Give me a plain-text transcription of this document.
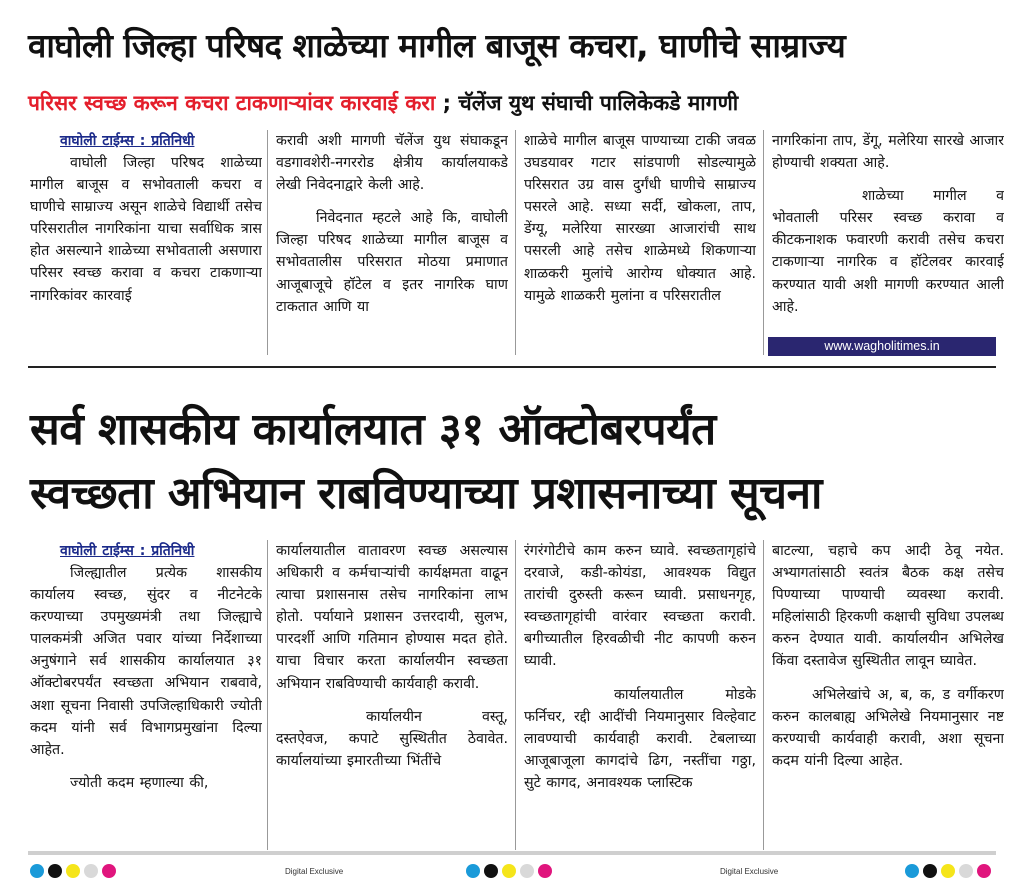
वाघोली जिल्हा परिषद शाळेच्या मागील बाजूस कचरा, घाणीचे साम्राज्य
परिसर स्वच्छ करून कचरा टाकणाऱ्यांवर कारवाई करा ; चॅलेंज युथ संघाची पालिकेकडे मागणी
वाघोली टाईम्स : प्रतिनिधी

वाघोली जिल्हा परिषद शाळेच्या मागील बाजूस व सभोवताली कचरा व घाणीचे साम्राज्य असून शाळेचे विद्यार्थी तसेच परिसरातील नागरिकांना याचा सर्वाधिक त्रास होत असल्याने शाळेच्या सभोवताली असणारा परिसर स्वच्छ करावा व कचरा टाकणाऱ्या नागरिकांवर कारवाई

करावी अशी मागणी चॅलेंज युथ संघाकडून वडगावशेरी-नगररोड क्षेत्रीय कार्यालयाकडे लेखी निवेदनाद्वारे केली आहे.

निवेदनात म्हटले आहे कि, वाघोली जिल्हा परिषद शाळेच्या मागील बाजूस व सभोवतालीस परिसरात मोठया प्रमाणात आजूबाजूचे हॉटेल व इतर नागरिक घाण टाकतात आणि या

शाळेचे मागील बाजूस पाण्याच्या टाकी जवळ उघडयावर गटार सांडपाणी सोडल्यामुळे परिसरात उग्र वास दुर्गंधी घाणीचे साम्राज्य पसरले आहे. सध्या सर्दी, खोकला, ताप, डेंग्यू, मलेरिया सारख्या आजारांची साथ पसरली आहे तसेच शाळेमध्ये शिकणाऱ्या शाळकरी मुलांचे आरोग्य धोक्यात आहे. यामुळे शाळकरी मुलांना व परिसरातील

नागरिकांना ताप, डेंगू, मलेरिया सारखे आजार होण्याची शक्यता आहे.

शाळेच्या मागील व भोवताली परिसर स्वच्छ करावा व कीटकनाशक फवारणी करावी तसेच कचरा टाकणाऱ्या नागरिक व हॉटेलवर कारवाई करण्यात यावी अशी मागणी करण्यात आली आहे.

www.wagholitimes.in
सर्व शासकीय कार्यालयात ३१ ऑक्टोबरपर्यंत
स्वच्छता अभियान राबविण्याच्या प्रशासनाच्या सूचना
वाघोली टाईम्स : प्रतिनिधी

जिल्ह्यातील प्रत्येक शासकीय कार्यालय स्वच्छ, सुंदर व नीटनेटके करण्याच्या उपमुख्यमंत्री तथा जिल्ह्याचे पालकमंत्री अजित पवार यांच्या निर्देशाच्या अनुषंगाने सर्व शासकीय कार्यालयात ३१ ऑक्टोबरपर्यंत स्वच्छता अभियान राबवावे, अशा सूचना निवासी उपजिल्हाधिकारी ज्योती कदम यांनी सर्व विभागप्रमुखांना दिल्या आहेत.

ज्योती कदम म्हणाल्या की,

कार्यालयातील वातावरण स्वच्छ असल्यास अधिकारी व कर्मचाऱ्यांची कार्यक्षमता वाढून त्याचा प्रशासनास तसेच नागरिकांना लाभ होतो. पर्यायाने प्रशासन उत्तरदायी, सुलभ, पारदर्शी आणि गतिमान होण्यास मदत होते. याचा विचार करता कार्यालयीन स्वच्छता अभियान राबविण्याची कार्यवाही करावी.

कार्यालयीन वस्तू, दस्तऐवज, कपाटे सुस्थितीत ठेवावेत. कार्यालयांच्या इमारतीच्या भिंतींचे

रंगरंगोटीचे काम करुन घ्यावे. स्वच्छतागृहांचे दरवाजे, कडी-कोयंडा, आवश्यक विद्युत तारांची दुरुस्ती करून घ्यावी. प्रसाधनगृह, स्वच्छतागृहांची वारंवार स्वच्छता करावी. बगीच्यातील हिरवळीची नीट कापणी करुन घ्यावी.

कार्यालयातील मोडके फर्निचर, रद्दी आदींची नियमानुसार विल्हेवाट लावण्याची कार्यवाही करावी. टेबलाच्या आजूबाजूला कागदांचे ढिग, नस्तींचा गठ्ठा, सुटे कागद, अनावश्यक प्लास्टिक

बाटल्या, चहाचे कप आदी ठेवू नयेत. अभ्यागतांसाठी स्वतंत्र बैठक कक्ष तसेच पिण्याच्या पाण्याची व्यवस्था करावी. महिलांसाठी हिरकणी कक्षाची सुविधा उपलब्ध करुन देण्यात यावी. कार्यालयीन अभिलेख किंवा दस्तावेज सुस्थितीत लावून घ्यावेत.

अभिलेखांचे अ, ब, क, ड वर्गीकरण करुन कालबाह्य अभिलेखे नियमानुसार नष्ट करण्याची कार्यवाही करावी, अशा सूचना कदम यांनी दिल्या आहेत.

Digital Exclusive	Digital Exclusive
